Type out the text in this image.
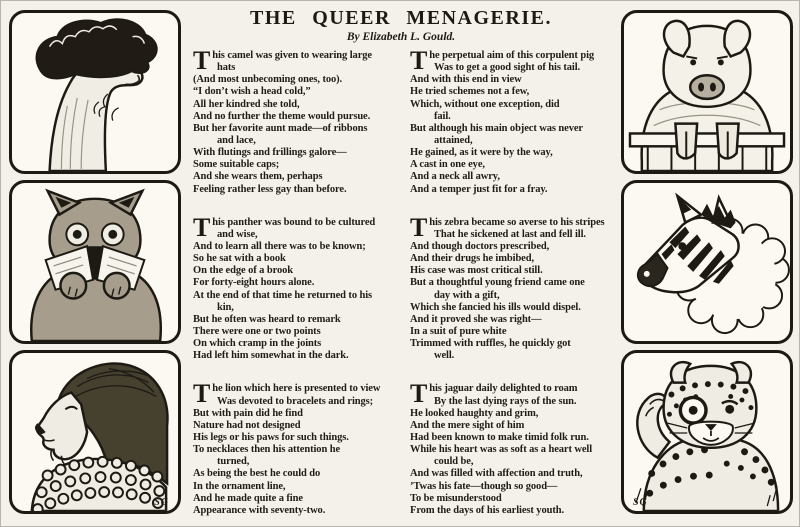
SG
THE QUEER MENAGERIE.
By Elizabeth L. Gould.
This camel was given to wearing large
hats
(And most unbecoming ones, too).
“I don’t wish a head cold,”
All her kindred she told,
And no further the theme would pursue.
But her favorite aunt made—of ribbons
and lace,
With flutings and frillings galore—
Some suitable caps;
And she wears them, perhaps
Feeling rather less gay than before.
This panther was bound to be cultured
and wise,
And to learn all there was to be known;
So he sat with a book
On the edge of a brook
For forty-eight hours alone.
At the end of that time he returned to his
kin,
But he often was heard to remark
There were one or two points
On which cramp in the joints
Had left him somewhat in the dark.
The lion which here is presented to view
Was devoted to bracelets and rings;
But with pain did he find
Nature had not designed
His legs or his paws for such things.
To necklaces then his attention he
turned,
As being the best he could do
In the ornament line,
And he made quite a fine
Appearance with seventy-two.
The perpetual aim of this corpulent pig
Was to get a good sight of his tail.
And with this end in view
He tried schemes not a few,
Which, without one exception, did
fail.
But although his main object was never
attained,
He gained, as it were by the way,
A cast in one eye,
And a neck all awry,
And a temper just fit for a fray.
This zebra became so averse to his stripes
That he sickened at last and fell ill.
And though doctors prescribed,
And their drugs he imbibed,
His case was most critical still.
But a thoughtful young friend came one
day with a gift,
Which she fancied his ills would dispel.
And it proved she was right—
In a suit of pure white
Trimmed with ruffles, he quickly got
well.
This jaguar daily delighted to roam
By the last dying rays of the sun.
He looked haughty and grim,
And the mere sight of him
Had been known to make timid folk run.
While his heart was as soft as a heart well
could be,
And was filled with affection and truth,
’Twas his fate—though so good—
To be misunderstood
From the days of his earliest youth.
SG
